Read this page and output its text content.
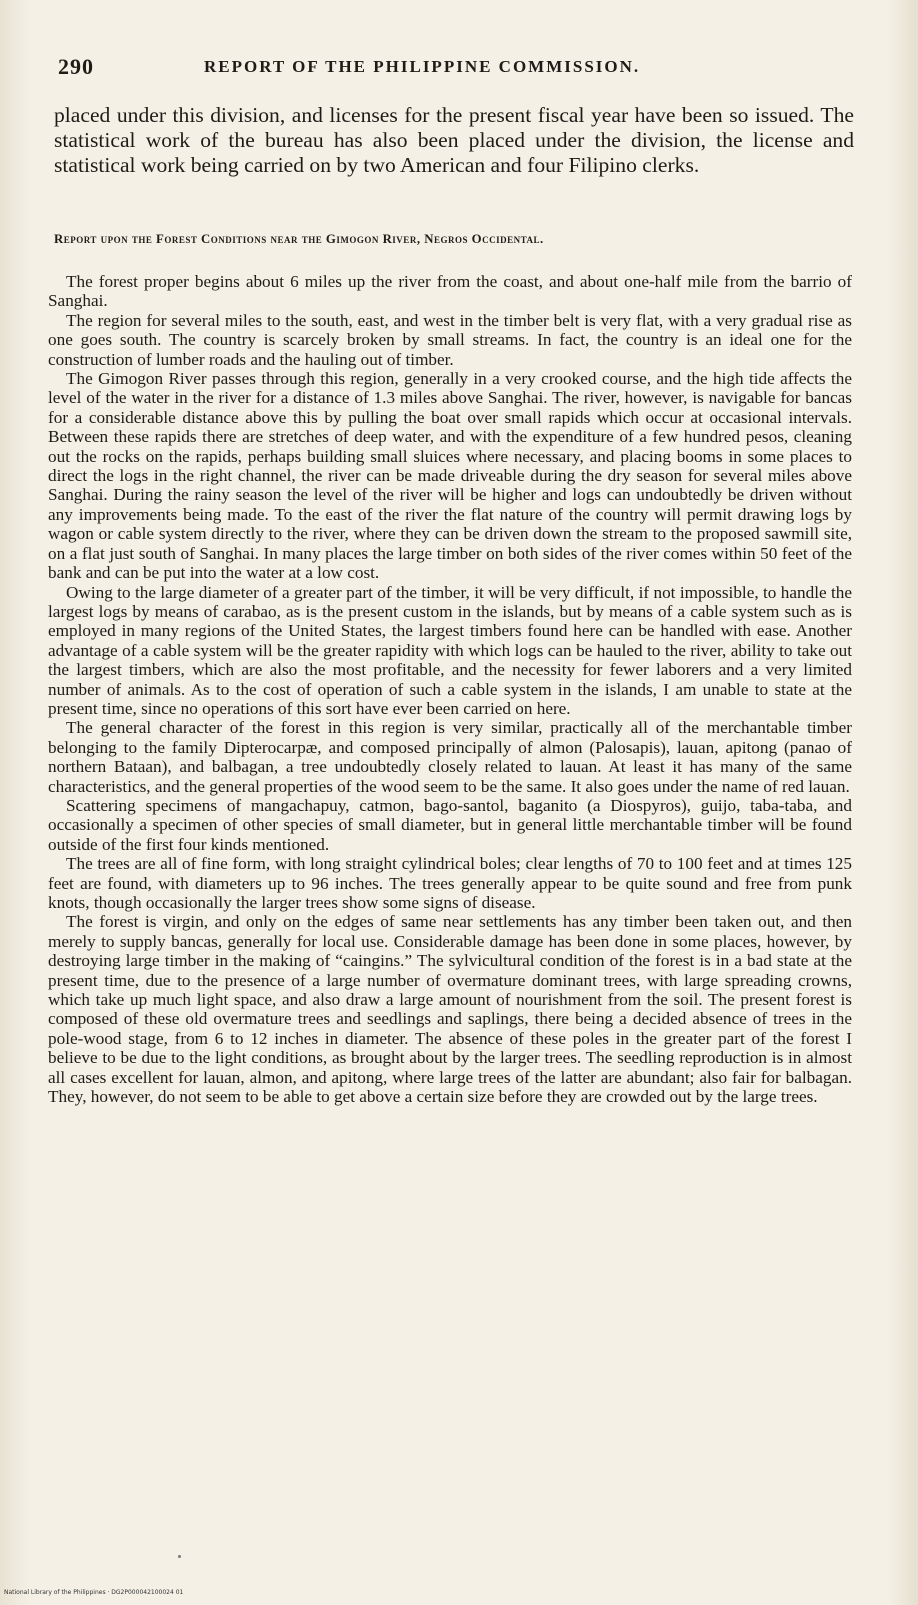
290	REPORT OF THE PHILIPPINE COMMISSION.

placed under this division, and licenses for the present fiscal year have been so issued. The statistical work of the bureau has also been placed under the division, the license and statistical work being carried on by two American and four Filipino clerks.

Report upon the Forest Conditions near the Gimogon River, Negros Occidental.

The forest proper begins about 6 miles up the river from the coast, and about one-half mile from the barrio of Sanghai.

The region for several miles to the south, east, and west in the timber belt is very flat, with a very gradual rise as one goes south. The country is scarcely broken by small streams. In fact, the country is an ideal one for the construction of lumber roads and the hauling out of timber.

The Gimogon River passes through this region, generally in a very crooked course, and the high tide affects the level of the water in the river for a distance of 1.3 miles above Sanghai. The river, however, is navigable for bancas for a considerable distance above this by pulling the boat over small rapids which occur at occasional intervals. Between these rapids there are stretches of deep water, and with the expenditure of a few hundred pesos, cleaning out the rocks on the rapids, perhaps building small sluices where necessary, and placing booms in some places to direct the logs in the right channel, the river can be made driveable during the dry season for several miles above Sanghai. During the rainy season the level of the river will be higher and logs can undoubtedly be driven without any improvements being made. To the east of the river the flat nature of the country will permit drawing logs by wagon or cable system directly to the river, where they can be driven down the stream to the proposed sawmill site, on a flat just south of Sanghai. In many places the large timber on both sides of the river comes within 50 feet of the bank and can be put into the water at a low cost.

Owing to the large diameter of a greater part of the timber, it will be very difficult, if not impossible, to handle the largest logs by means of carabao, as is the present custom in the islands, but by means of a cable system such as is employed in many regions of the United States, the largest timbers found here can be handled with ease. Another advantage of a cable system will be the greater rapidity with which logs can be hauled to the river, ability to take out the largest timbers, which are also the most profitable, and the necessity for fewer laborers and a very limited number of animals. As to the cost of operation of such a cable system in the islands, I am unable to state at the present time, since no operations of this sort have ever been carried on here.

The general character of the forest in this region is very similar, practically all of the merchantable timber belonging to the family Dipterocarpæ, and composed principally of almon (Palosapis), lauan, apitong (panao of northern Bataan), and balbagan, a tree undoubtedly closely related to lauan. At least it has many of the same characteristics, and the general properties of the wood seem to be the same. It also goes under the name of red lauan.

Scattering specimens of mangachapuy, catmon, bago-santol, baganito (a Diospyros), guijo, taba-taba, and occasionally a specimen of other species of small diameter, but in general little merchantable timber will be found outside of the first four kinds mentioned.

The trees are all of fine form, with long straight cylindrical boles; clear lengths of 70 to 100 feet and at times 125 feet are found, with diameters up to 96 inches. The trees generally appear to be quite sound and free from punk knots, though occasionally the larger trees show some signs of disease.

The forest is virgin, and only on the edges of same near settlements has any timber been taken out, and then merely to supply bancas, generally for local use. Considerable damage has been done in some places, however, by destroying large timber in the making of “caingins.” The sylvicultural condition of the forest is in a bad state at the present time, due to the presence of a large number of overmature dominant trees, with large spreading crowns, which take up much light space, and also draw a large amount of nourishment from the soil. The present forest is composed of these old overmature trees and seedlings and saplings, there being a decided absence of trees in the pole-wood stage, from 6 to 12 inches in diameter. The absence of these poles in the greater part of the forest I believe to be due to the light conditions, as brought about by the larger trees. The seedling reproduction is in almost all cases excellent for lauan, almon, and apitong, where large trees of the latter are abundant; also fair for balbagan. They, however, do not seem to be able to get above a certain size before they are crowded out by the large trees.

National Library of the Philippines · DG2P000042100024 01
